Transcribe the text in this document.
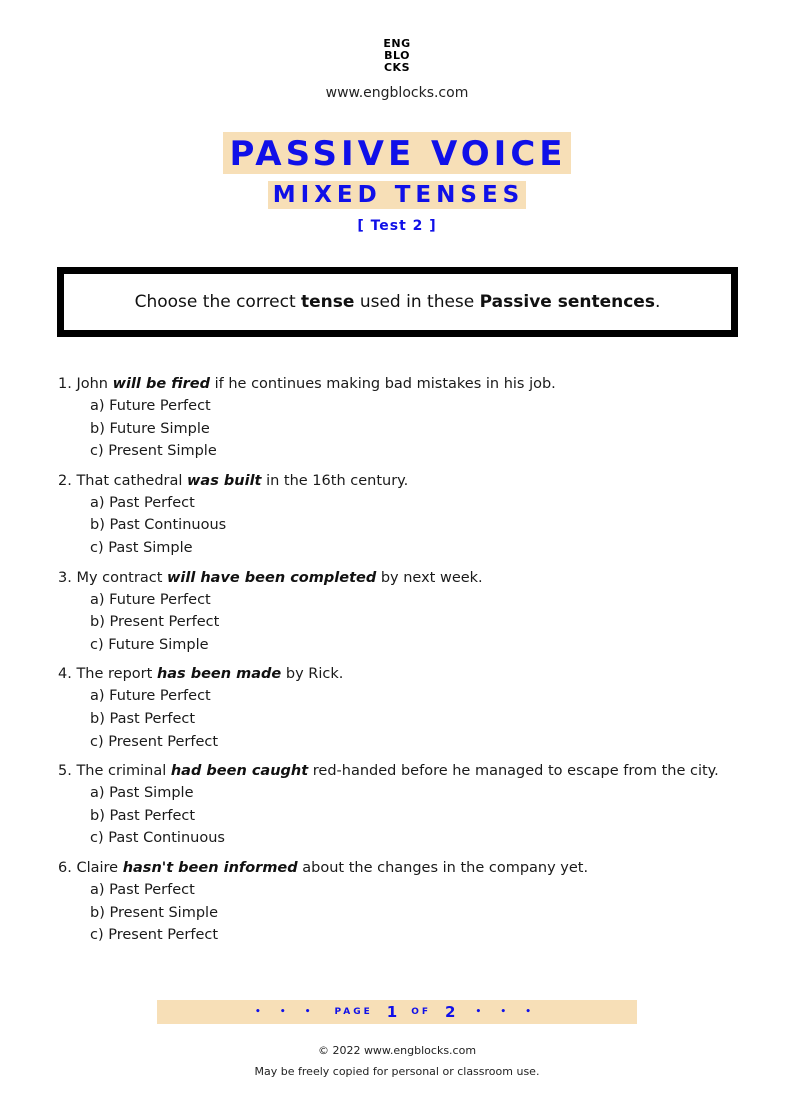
ENG
BLO
CKS
www.engblocks.com
PASSIVE VOICE
MIXED TENSES
[ Test 2 ]
Choose the correct tense used in these Passive sentences.
1. John will be fired if he continues making bad mistakes in his job.
a) Future Perfect
b) Future Simple
c) Present Simple
2. That cathedral was built in the 16th century.
a) Past Perfect
b) Past Continuous
c) Past Simple
3. My contract will have been completed by next week.
a) Future Perfect
b) Present Perfect
c) Future Simple
4. The report has been made by Rick.
a) Future Perfect
b) Past Perfect
c) Present Perfect
5. The criminal had been caught red-handed before he managed to escape from the city.
a) Past Simple
b) Past Perfect
c) Past Continuous
6. Claire hasn't been informed about the changes in the company yet.
a) Past Perfect
b) Present Simple
c) Present Perfect
• • • PAGE 1 OF 2 • • •
© 2022 www.engblocks.com
May be freely copied for personal or classroom use.
